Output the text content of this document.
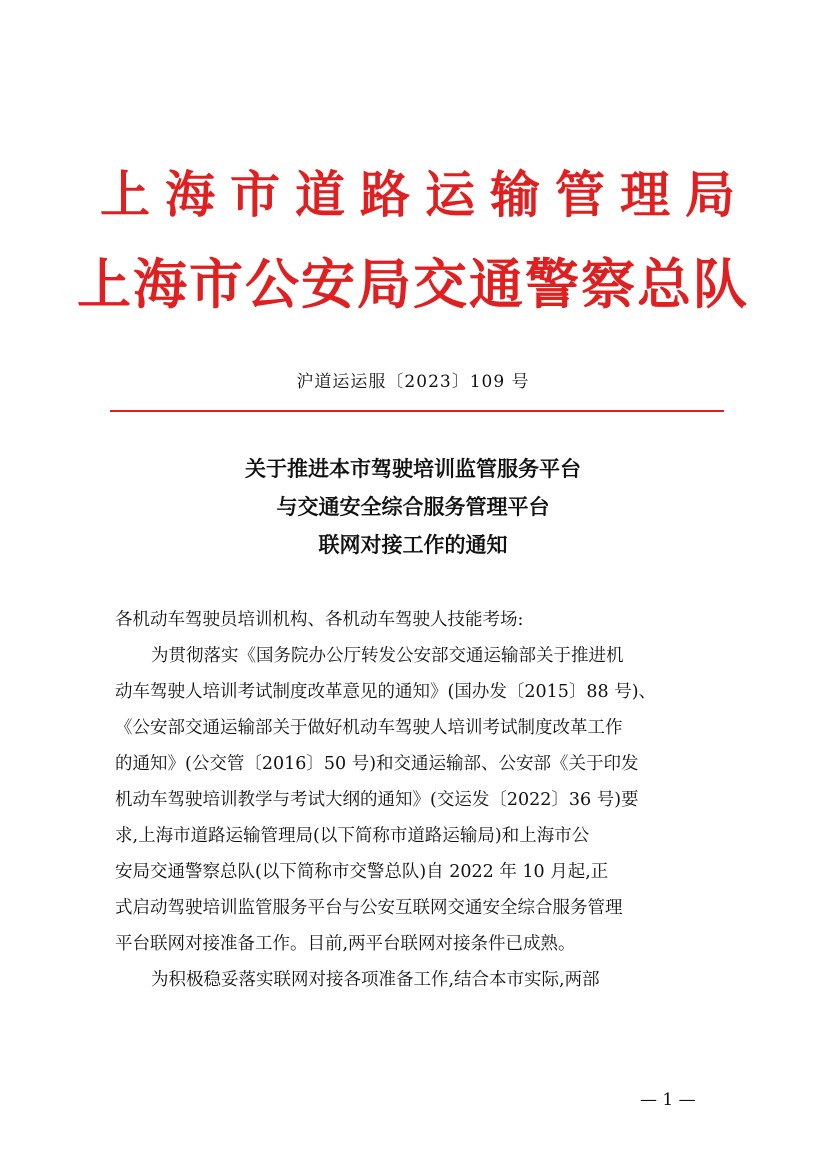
上海市道路运输管理局
上海市公安局交通警察总队
沪道运运服〔2023〕109 号
关于推进本市驾驶培训监管服务平台
与交通安全综合服务管理平台
联网对接工作的通知
各机动车驾驶员培训机构、各机动车驾驶人技能考场:
为贯彻落实《国务院办公厅转发公安部交通运输部关于推进机
动车驾驶人培训考试制度改革意见的通知》(国办发〔2015〕88 号)、
《公安部交通运输部关于做好机动车驾驶人培训考试制度改革工作
的通知》(公交管〔2016〕50 号)和交通运输部、公安部《关于印发
机动车驾驶培训教学与考试大纲的通知》(交运发〔2022〕36 号)要
求,上海市道路运输管理局(以下简称市道路运输局)和上海市公
安局交通警察总队(以下简称市交警总队)自 2022 年 10 月起,正
式启动驾驶培训监管服务平台与公安互联网交通安全综合服务管理
平台联网对接准备工作。目前,两平台联网对接条件已成熟。
为积极稳妥落实联网对接各项准备工作,结合本市实际,两部
— 1 —
